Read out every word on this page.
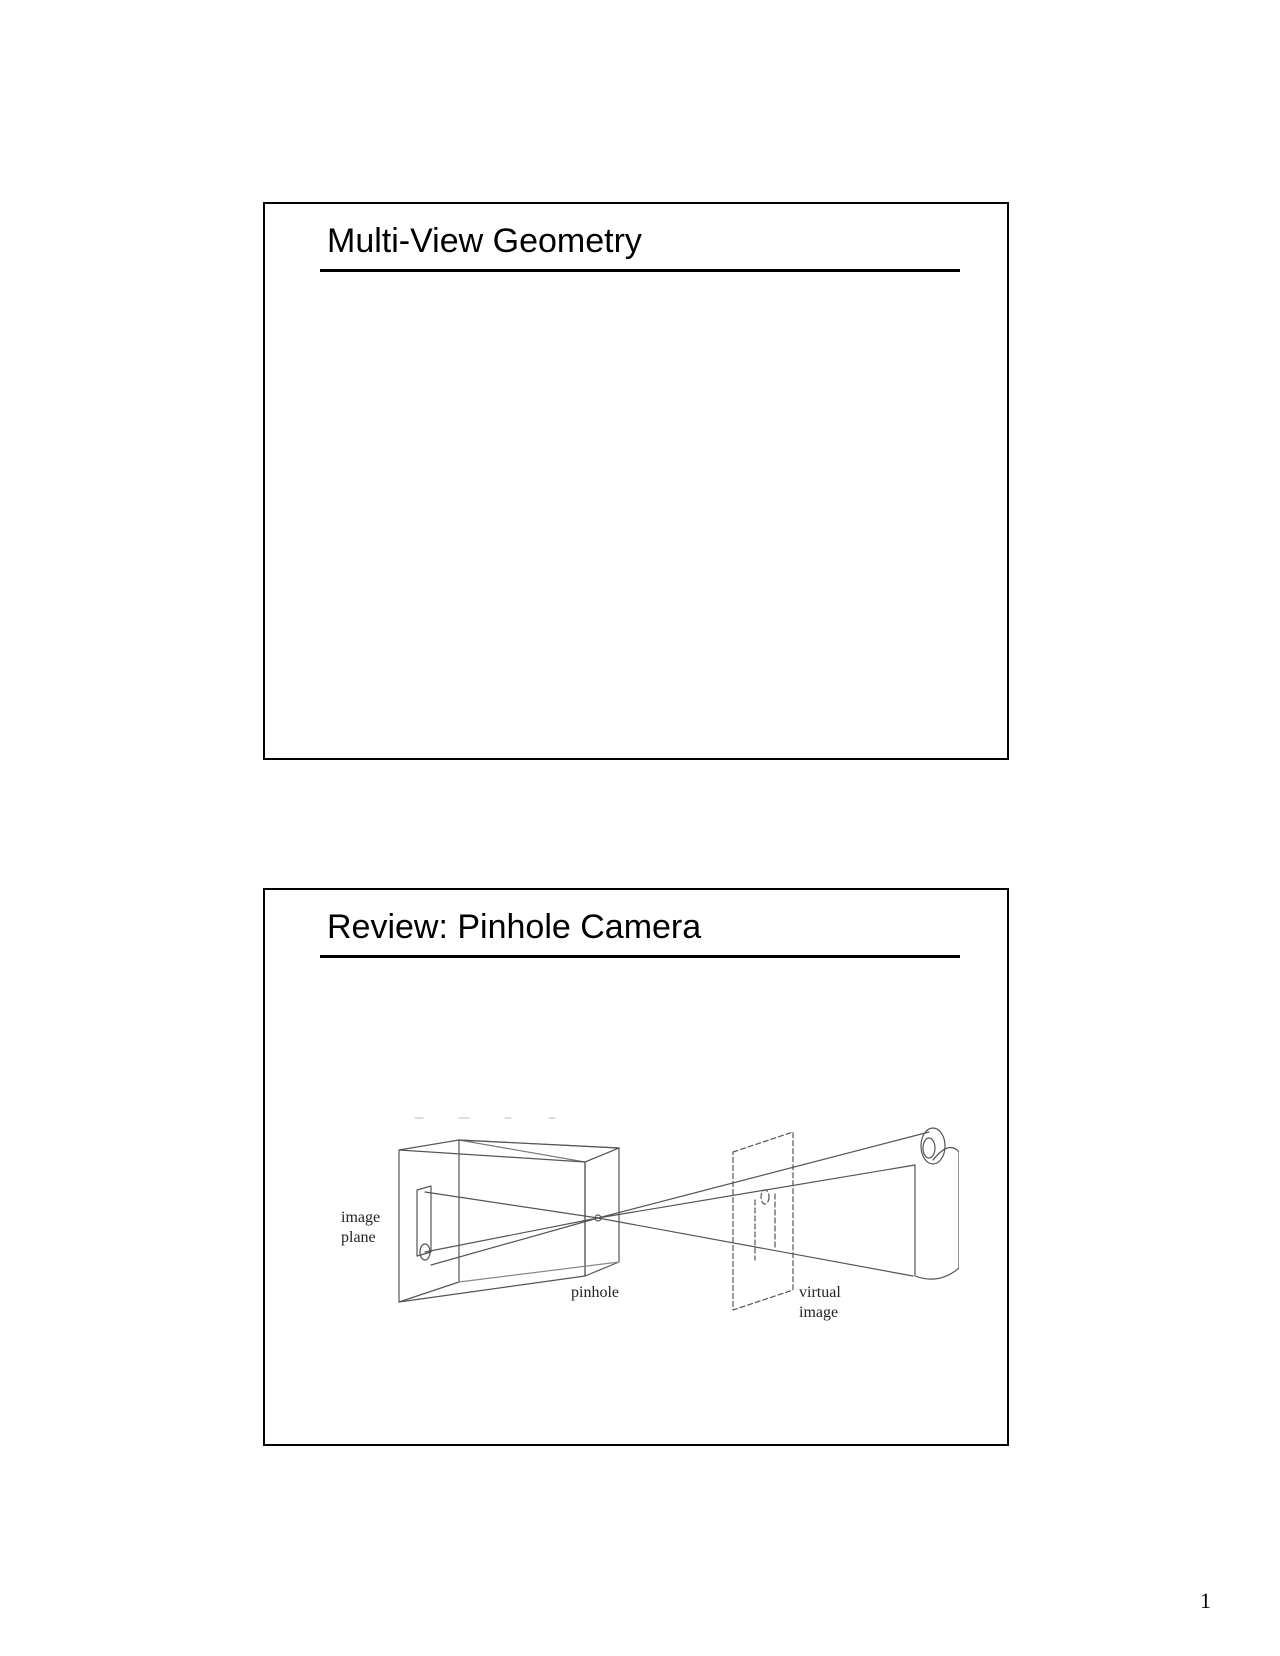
Multi-View Geometry
Review: Pinhole Camera
image
plane
pinhole	virtual
image
1
